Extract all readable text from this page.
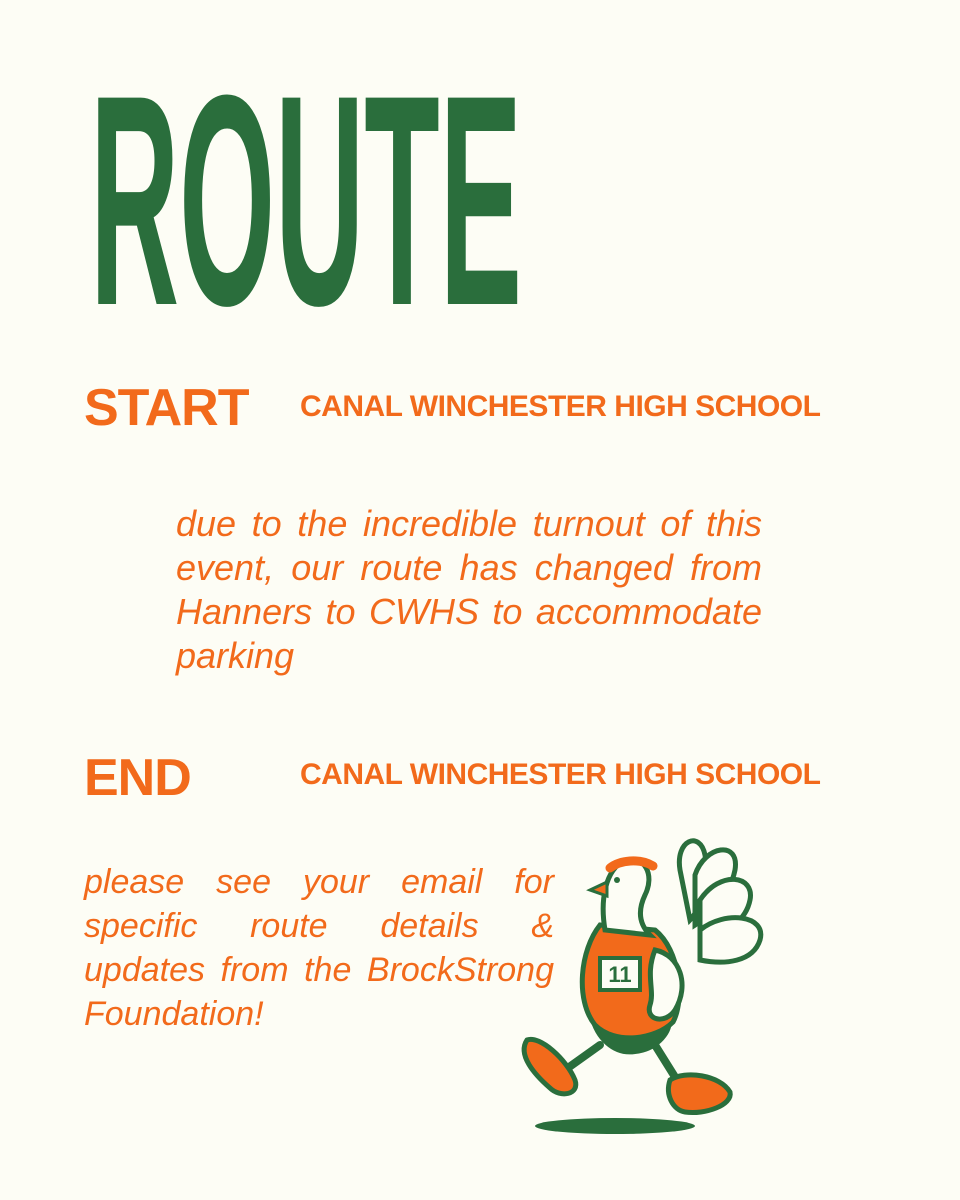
ROUTE
START CANAL WINCHESTER HIGH SCHOOL

due to the incredible turnout of this event, our route has changed from Hanners to CWHS to accommodate parking

END	CANAL WINCHESTER HIGH SCHOOL

please see your email for specific route details & updates from the BrockStrong Foundation!

11
